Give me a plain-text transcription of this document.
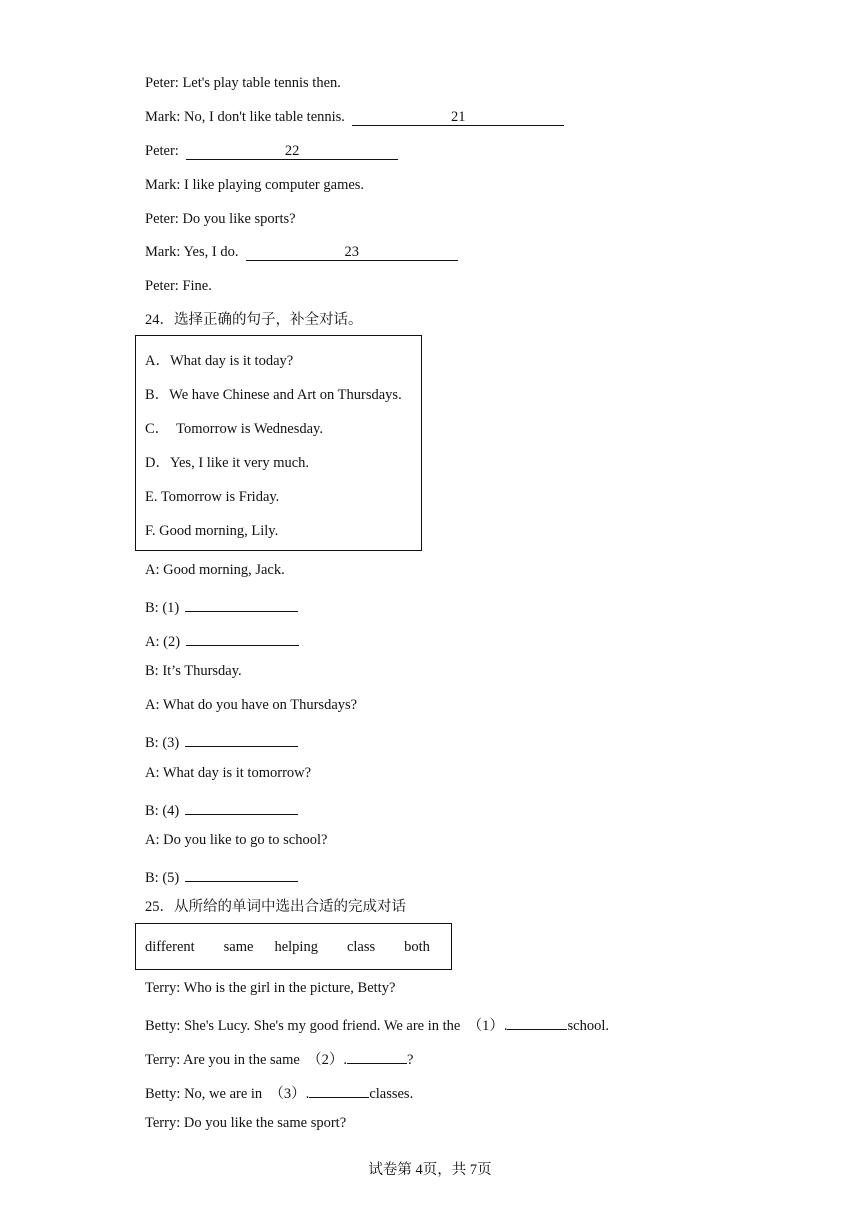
Peter: Let's play table tennis then.
Mark: No, I don't like table tennis.	21
Peter:	22
Mark: I like playing computer games.
Peter: Do you like sports?
Mark: Yes, I do.	23
Peter: Fine.
24．选择正确的句子，补全对话。
A．What day is it today?
B．We have Chinese and Art on Thursdays.
C．  Tomorrow is Wednesday.
D．Yes, I like it very much.
E. Tomorrow is Friday.
F. Good morning, Lily.
A: Good morning, Jack.
B: (1)
A: (2)
B: It’s Thursday.
A: What do you have on Thursdays?
B: (3)
A: What day is it tomorrow?
B: (4)
A: Do you like to go to school?
B: (5)
25．从所给的单词中选出合适的完成对话
different same helping class both
Terry: Who is the girl in the picture, Betty?
Betty: She's Lucy. She's my good friend. We are in the  （1）.	school.
Terry: Are you in the same  （2）.	?
Betty: No, we are in  （3）.	classes.
Terry: Do you like the same sport?
试卷第 4页，共 7页
